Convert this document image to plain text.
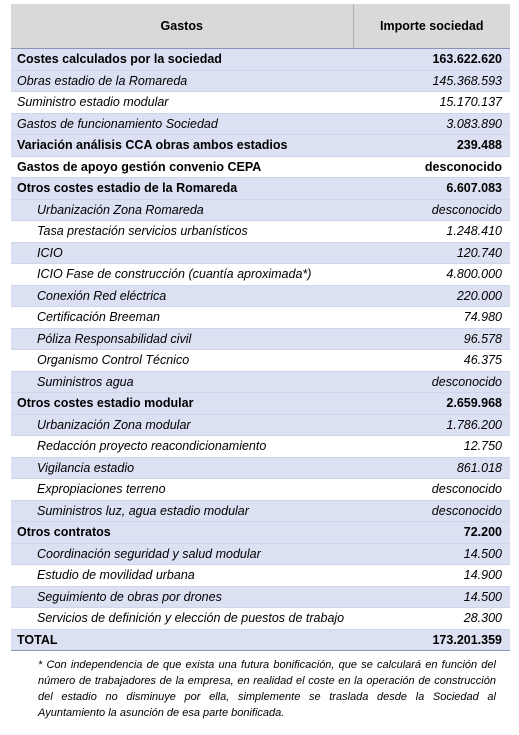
Gastos	Importe sociedad
Costes calculados por la sociedad	163.622.620
Obras estadio de la Romareda	145.368.593
Suministro estadio modular	15.170.137
Gastos de funcionamiento Sociedad	3.083.890
Variación análisis CCA obras ambos estadios	239.488
Gastos de apoyo gestión convenio CEPA	desconocido
Otros costes estadio de la Romareda	6.607.083
Urbanización Zona Romareda	desconocido
Tasa prestación servicios urbanísticos	1.248.410
ICIO	120.740
ICIO Fase de construcción (cuantía aproximada*)	4.800.000
Conexión Red eléctrica	220.000
Certificación Breeman	74.980
Póliza Responsabilidad civil	96.578
Organismo Control Técnico	46.375
Suministros agua	desconocido
Otros costes estadio modular	2.659.968
Urbanización Zona modular	1.786.200
Redacción proyecto reacondicionamiento	12.750
Vigilancia estadio	861.018
Expropiaciones terreno	desconocido
Suministros luz, agua estadio modular	desconocido
Otros contratos	72.200
Coordinación seguridad y salud modular	14.500
Estudio de movilidad urbana	14.900
Seguimiento de obras por drones	14.500
Servicios de definición y elección de puestos de trabajo	28.300
TOTAL	173.201.359
* Con independencia de que exista una futura bonificación, que se calculará en función del número de trabajadores de la empresa, en realidad el coste en la operación de construcción del estadio no disminuye por ella, simplemente se traslada desde la Sociedad al Ayuntamiento la asunción de esa parte bonificada.
